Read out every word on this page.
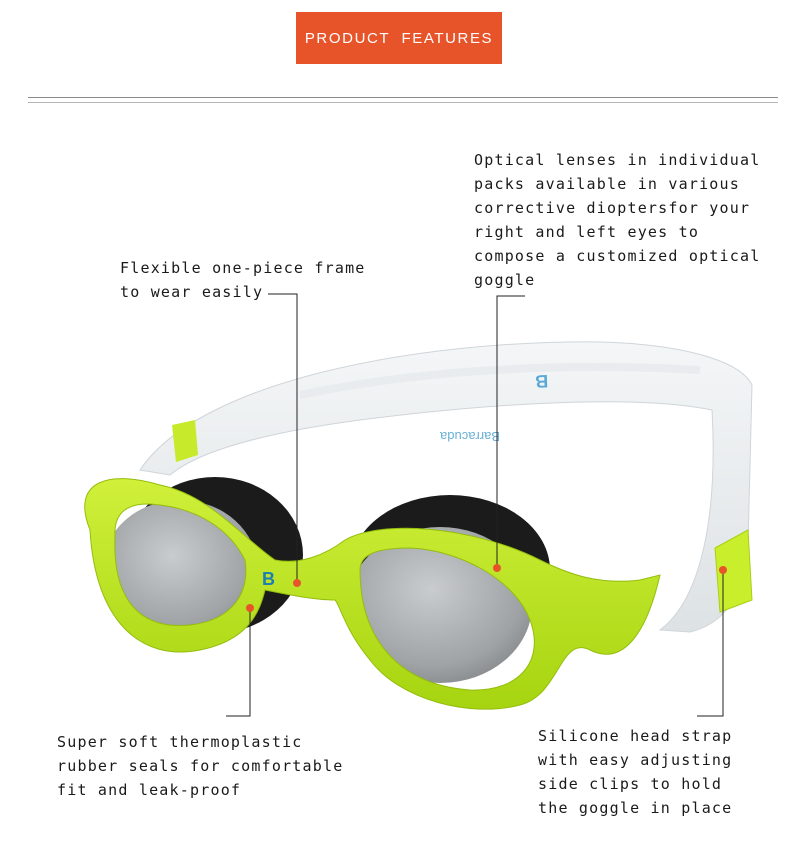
PRODUCT  FEATURES
B
Barracuda
B
Optical lenses in individual
packs available in various
corrective dioptersfor your
right and left eyes to
compose a customized optical
goggle
Flexible one-piece frame
to wear easily
Super soft thermoplastic
rubber seals for comfortable
fit and leak-proof
Silicone head strap
with easy adjusting
side clips to hold
the goggle in place
